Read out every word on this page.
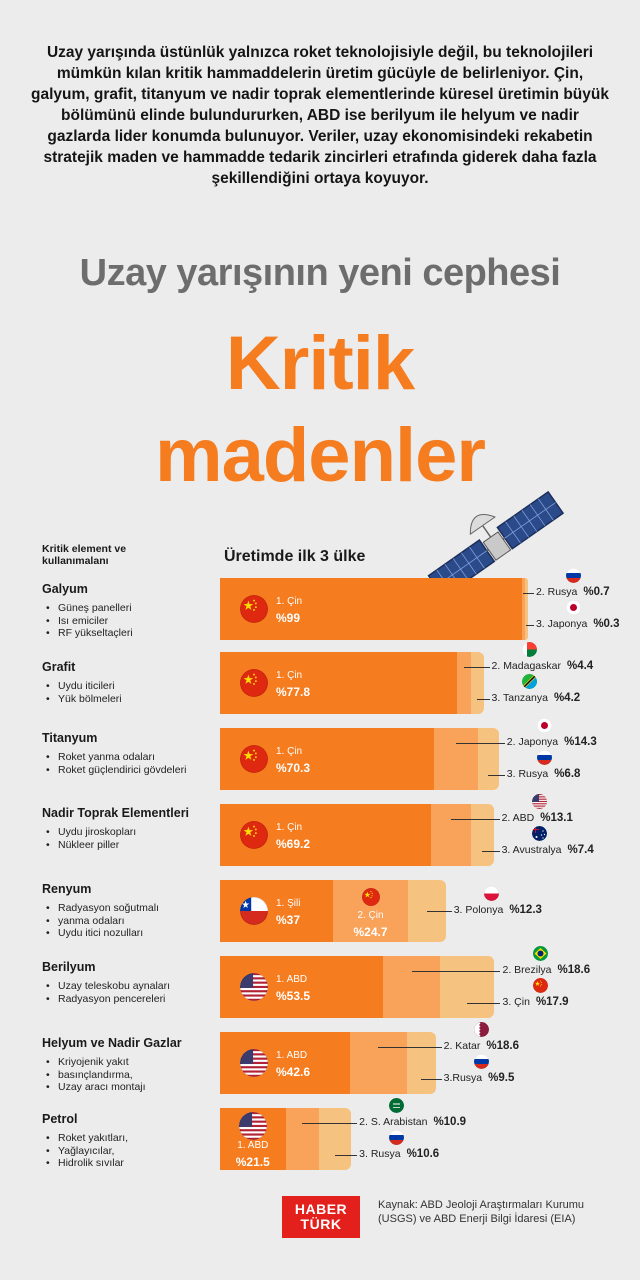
Uzay yarışında üstünlük yalnızca roket teknolojisiyle değil, bu teknolojileri mümkün kılan kritik hammaddelerin üretim gücüyle de belirleniyor. Çin, galyum, grafit, titanyum ve nadir toprak elementlerinde küresel üretimin büyük bölümünü elinde bulundururken, ABD ise berilyum ile helyum ve nadir gazlarda lider konumda bulunuyor. Veriler, uzay ekonomisindeki rekabetin stratejik maden ve hammadde tedarik zincirleri etrafında giderek daha fazla şekillendiğini ortaya koyuyor.
Uzay yarışının yeni cephesi
Kritik
madenler
Kritik element ve kullanımalanı	Üretimde ilk 3 ülke
Galyum
• Güneş panelleri
• Isı emiciler
• RF yükseltaçleri
1. Çin
%99
2. Rusya %0.7
3. Japonya %0.3
Grafit
• Uydu iticileri
• Yük bölmeleri
1. Çin
%77.8
2. Madagaskar %4.4
3. Tanzanya %4.2
Titanyum
• Roket yanma odaları
• Roket güçlendirici gövdeleri
1. Çin
%70.3
2. Japonya %14.3
3. Rusya %6.8
Nadir Toprak Elementleri
• Uydu jiroskopları
• Nükleer piller
1. Çin
%69.2
2. ABD %13.1
3. Avustralya %7.4
Renyum
• Radyasyon soğutmalı
• yanma odaları
• Uydu itici nozulları
1. Şili
%37	2. Çin
%24.7
3. Polonya %12.3
Berilyum
• Uzay teleskobu aynaları
• Radyasyon pencereleri
1. ABD
%53.5
2. Brezilya %18.6
3. Çin %17.9
Helyum ve Nadir Gazlar
• Kriyojenik yakıt
• basınçlandırma,
• Uzay aracı montajı
1. ABD
%42.6
2. Katar %18.6
3.Rusya %9.5
Petrol
• Roket yakıtları,
• Yağlayıcılar,
• Hidrolik sıvılar
1. ABD
%21.5
2. S. Arabistan %10.9
3. Rusya %10.6
HABER
TÜRK
Kaynak: ABD Jeoloji Araştırmaları Kurumu (USGS) ve ABD Enerji Bilgi İdaresi (EIA)
